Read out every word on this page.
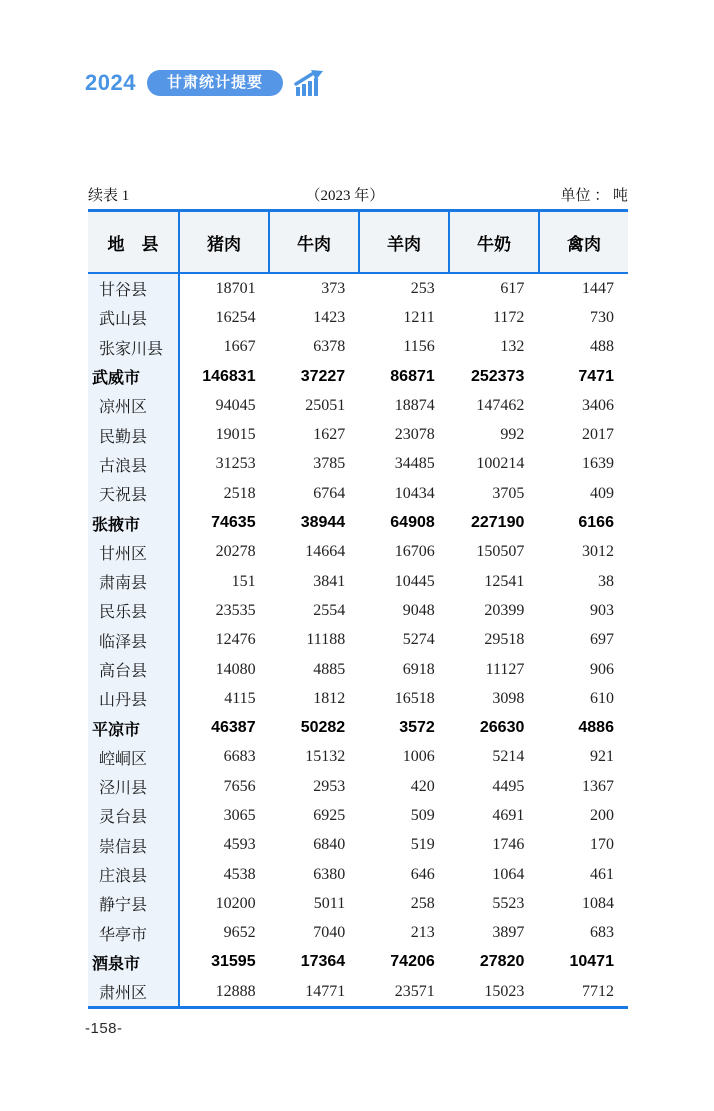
2024	甘肃统计提要
续表 1	（2023 年）	单位 ： 吨
地　县	猪肉	牛肉	羊肉	牛奶	禽肉
甘谷县	18701	373	253	617	1447
武山县	16254	1423	1211	1172	730
张家川县	1667	6378	1156	132	488
武威市	146831	37227	86871	252373	7471
凉州区	94045	25051	18874	147462	3406
民勤县	19015	1627	23078	992	2017
古浪县	31253	3785	34485	100214	1639
天祝县	2518	6764	10434	3705	409
张掖市	74635	38944	64908	227190	6166
甘州区	20278	14664	16706	150507	3012
肃南县	151	3841	10445	12541	38
民乐县	23535	2554	9048	20399	903
临泽县	12476	11188	5274	29518	697
高台县	14080	4885	6918	11127	906
山丹县	4115	1812	16518	3098	610
平凉市	46387	50282	3572	26630	4886
崆峒区	6683	15132	1006	5214	921
泾川县	7656	2953	420	4495	1367
灵台县	3065	6925	509	4691	200
崇信县	4593	6840	519	1746	170
庄浪县	4538	6380	646	1064	461
静宁县	10200	5011	258	5523	1084
华亭市	9652	7040	213	3897	683
酒泉市	31595	17364	74206	27820	10471
肃州区	12888	14771	23571	15023	7712
-158-
